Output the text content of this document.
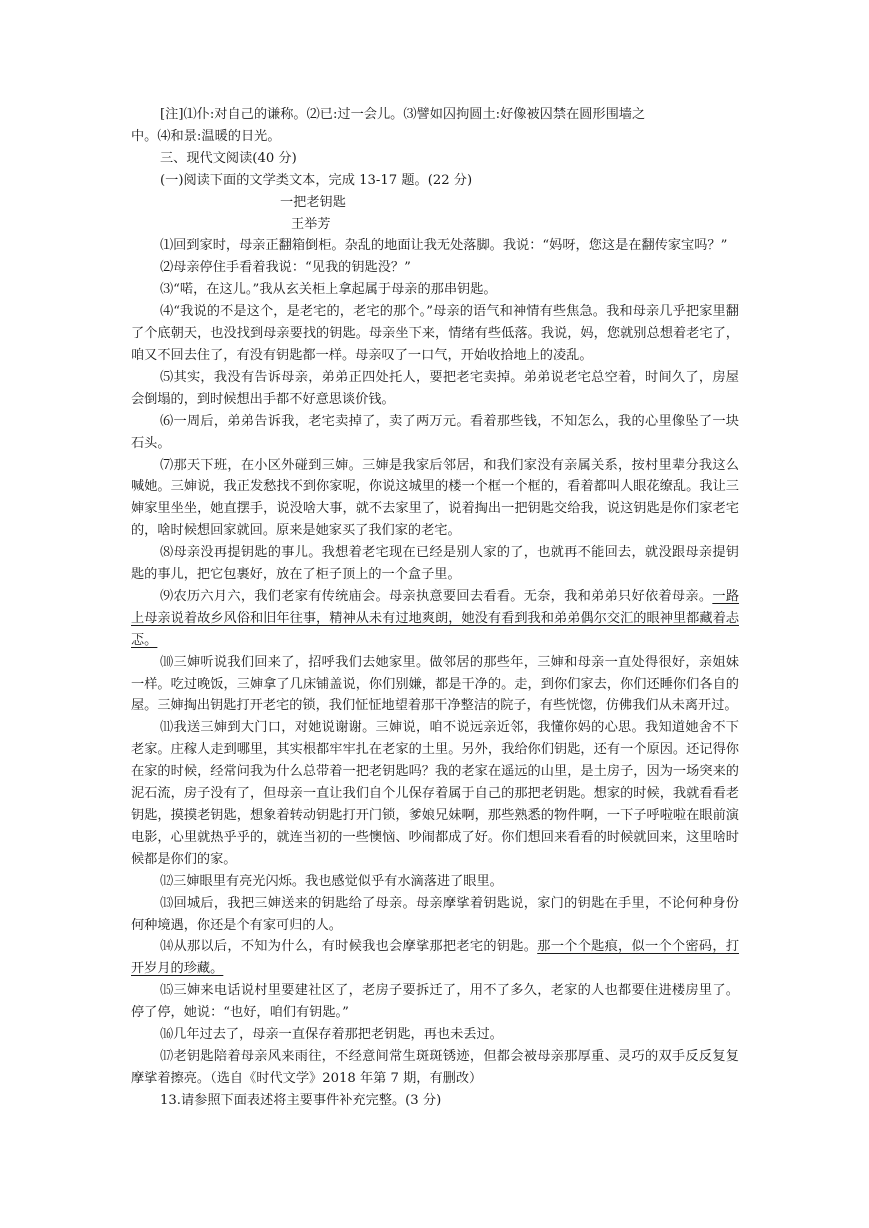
[注]⑴仆:对自己的谦称。⑵已:过一会儿。⑶譬如囚拘圆土:好像被囚禁在圆形围墙之

中。⑷和景:温暖的日光。

三、现代文阅读(40 分)

(一)阅读下面的文学类文本，完成 13-17 题。(22 分)

一把老钥匙

王举芳

⑴回到家时，母亲正翻箱倒柜。杂乱的地面让我无处落脚。我说：“妈呀，您这是在翻传家宝吗？”

⑵母亲停住手看着我说：“见我的钥匙没？”

⑶“喏，在这儿。”我从玄关柜上拿起属于母亲的那串钥匙。

⑷“我说的不是这个，是老宅的，老宅的那个。”母亲的语气和神情有些焦急。我和母亲几乎把家里翻了个底朝天，也没找到母亲要找的钥匙。母亲坐下来，情绪有些低落。我说，妈，您就别总想着老宅了，咱又不回去住了，有没有钥匙都一样。母亲叹了一口气，开始收拾地上的凌乱。

⑸其实，我没有告诉母亲，弟弟正四处托人，要把老宅卖掉。弟弟说老宅总空着，时间久了，房屋会倒塌的，到时候想出手都不好意思谈价钱。

⑹一周后，弟弟告诉我，老宅卖掉了，卖了两万元。看着那些钱，不知怎么，我的心里像坠了一块石头。

⑺那天下班，在小区外碰到三婶。三婶是我家后邻居，和我们家没有亲属关系，按村里辈分我这么喊她。三婶说，我正发愁找不到你家呢，你说这城里的楼一个框一个框的，看着都叫人眼花缭乱。我让三婶家里坐坐，她直摆手，说没啥大事，就不去家里了，说着掏出一把钥匙交给我，说这钥匙是你们家老宅的，啥时候想回家就回。原来是她家买了我们家的老宅。

⑻母亲没再提钥匙的事儿。我想着老宅现在已经是别人家的了，也就再不能回去，就没跟母亲提钥匙的事儿，把它包裹好，放在了柜子顶上的一个盒子里。

⑼农历六月六，我们老家有传统庙会。母亲执意要回去看看。无奈，我和弟弟只好依着母亲。一路上母亲说着故乡风俗和旧年往事，精神从未有过地爽朗，她没有看到我和弟弟偶尔交汇的眼神里都藏着忐忑。

⑽三婶听说我们回来了，招呼我们去她家里。做邻居的那些年，三婶和母亲一直处得很好，亲姐妹一样。吃过晚饭，三婶拿了几床铺盖说，你们别嫌，都是干净的。走，到你们家去，你们还睡你们各自的屋。三婶掏出钥匙打开老宅的锁，我们怔怔地望着那干净整洁的院子，有些恍惚，仿佛我们从未离开过。

⑾我送三婶到大门口，对她说谢谢。三婶说，咱不说远亲近邻，我懂你妈的心思。我知道她舍不下老家。庄稼人走到哪里，其实根都牢牢扎在老家的土里。另外，我给你们钥匙，还有一个原因。还记得你在家的时候，经常问我为什么总带着一把老钥匙吗？我的老家在遥远的山里，是土房子，因为一场突来的泥石流，房子没有了，但母亲一直让我们自个儿保存着属于自己的那把老钥匙。想家的时候，我就看看老钥匙，摸摸老钥匙，想象着转动钥匙打开门锁，爹娘兄妹啊，那些熟悉的物件啊，一下子呼啦啦在眼前演电影，心里就热乎乎的，就连当初的一些懊恼、吵闹都成了好。你们想回来看看的时候就回来，这里啥时候都是你们的家。

⑿三婶眼里有亮光闪烁。我也感觉似乎有水滴落进了眼里。

⒀回城后，我把三婶送来的钥匙给了母亲。母亲摩挲着钥匙说，家门的钥匙在手里，不论何种身份何种境遇，你还是个有家可归的人。

⒁从那以后，不知为什么，有时候我也会摩挲那把老宅的钥匙。那一个个匙痕，似一个个密码，打开岁月的珍藏。

⒂三婶来电话说村里要建社区了，老房子要拆迁了，用不了多久，老家的人也都要住进楼房里了。停了停，她说：“也好，咱们有钥匙。”

⒃几年过去了，母亲一直保存着那把老钥匙，再也未丢过。

⒄老钥匙陪着母亲风来雨往，不经意间常生斑斑锈迹，但都会被母亲那厚重、灵巧的双手反反复复摩挲着擦亮。（选自《时代文学》2018 年第 7 期，有删改）

13.请参照下面表述将主要事件补充完整。(3 分)
